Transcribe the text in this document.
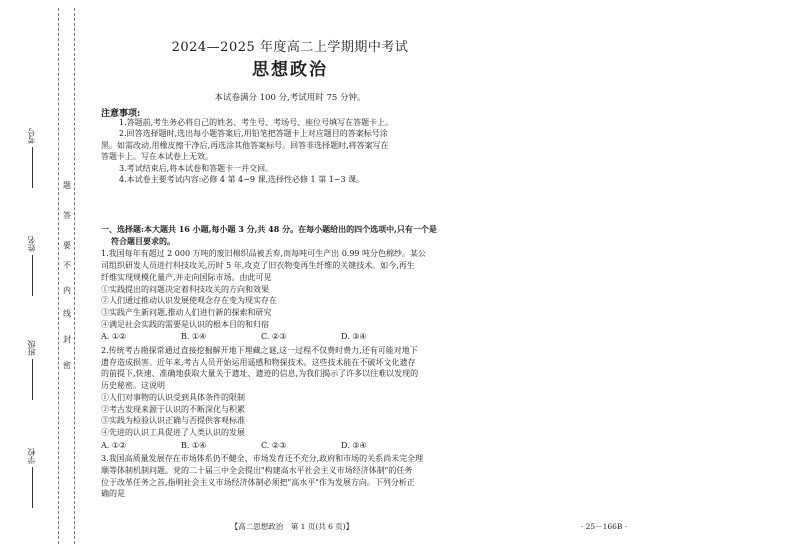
考号
姓名
班级
学校
题
答
要
不
内
线
封
密
2024—2025 年度高二上学期期中考试
思想政治
本试卷满分 100 分,考试用时 75 分钟。
注意事项:

1.答题前,考生务必将自己的姓名、考生号、考场号、座位号填写在答题卡上。

2.回答选择题时,选出每小题答案后,用铅笔把答题卡上对应题目的答案标号涂

黑。如需改动,用橡皮擦干净后,再选涂其他答案标号。回答非选择题时,将答案写在

答题卡上。写在本试卷上无效。

3.考试结束后,将本试卷和答题卡一并交回。

4.本试卷主要考试内容:必修 4 第 4~9 课,选择性必修 1 第 1~3 课。

一、选择题:本大题共 16 小题,每小题 3 分,共 48 分。在每小题给出的四个选项中,只有一个是
符合题目要求的。

1.我国每年有超过 2 000 万吨的废旧棉织品被丢弃,而每吨可生产出 0.99 吨分色棉纱。某公

司组织研发人员进行科技攻关,历时 5 年,攻克了旧衣物变再生纤维的关键技术。如今,再生

纤维实现规模化量产,并走向国际市场。由此可见

①实践提出的问题决定着科技攻关的方向和效果

②人们通过推动认识发展使观念存在变为现实存在

③实践产生新问题,推动人们进行新的探索和研究

④满足社会实践的需要是认识的根本目的和归宿

A. ①②	B. ①④	C. ②③	D. ③④

2.传统考古勘探常通过直接挖掘解开地下埋藏之谜,这一过程不仅费时费力,还有可能对地下

遗存造成损害。近年来,考古人员开始运用遥感和物探技术。这些技术能在不破坏文化遗存

的前提下,快速、准确地获取大量关于遗址、遗迹的信息,为我们揭示了许多以往难以发现的

历史秘密。这说明

①人们对事物的认识受到具体条件的限制

②考古发现来源于认识的不断深化与积累

③实践为检验认识正确与否提供客观标准

④先进的认识工具促进了人类认识的发展

A. ①②	B. ①④	C. ②③	D. ③④

3.我国高质量发展存在市场体系仍不健全、市场发育还不充分,政府和市场的关系尚未完全理

顺等体制机制问题。党的二十届三中全会提出"构建高水平社会主义市场经济体制"的任务

位于改革任务之首,指明社会主义市场经济体制必须把"高水平"作为发展方向。下列分析正

确的是

【高二思想政治　第 1 页(共 6 页)】	· 25－166B ·
